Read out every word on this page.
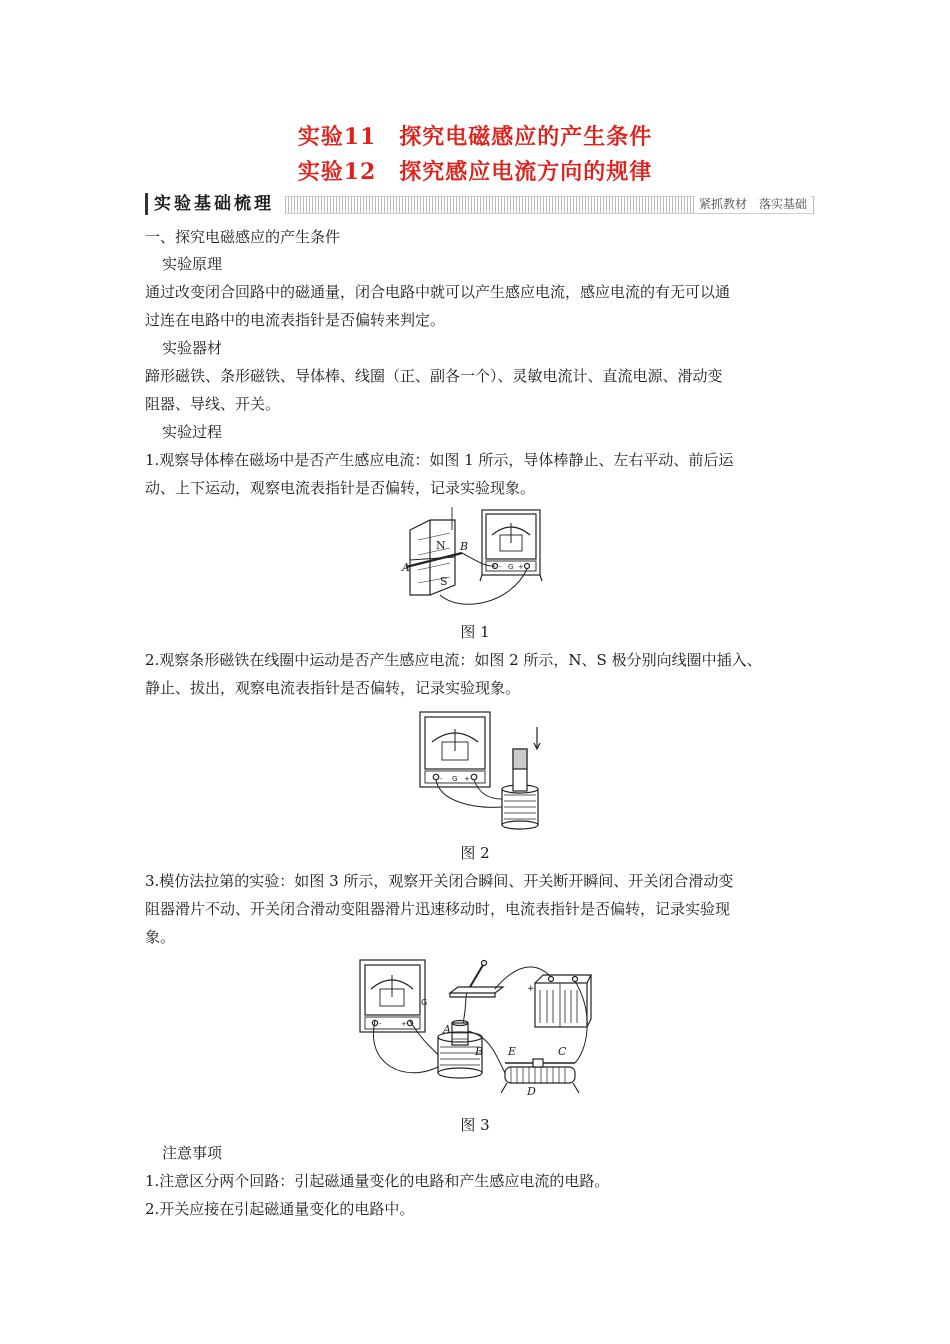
实验11　探究电磁感应的产生条件
实验12　探究感应电流方向的规律
实验基础梳理	紧抓教材　落实基础
一、探究电磁感应的产生条件
实验原理
通过改变闭合回路中的磁通量，闭合电路中就可以产生感应电流，感应电流的有无可以通
过连在电路中的电流表指针是否偏转来判定。
实验器材
蹄形磁铁、条形磁铁、导体棒、线圈（正、副各一个）、灵敏电流计、直流电源、滑动变
阻器、导线、开关。
实验过程
1.观察导体棒在磁场中是否产生感应电流：如图 1 所示，导体棒静止、左右平动、前后运
动、上下运动，观察电流表指针是否偏转，记录实验现象。
N
S
A
B
G
- +
图 1
2.观察条形磁铁在线圈中运动是否产生感应电流：如图 2 所示，N、S 极分别向线圈中插入、
静止、拔出，观察电流表指针是否偏转，记录实验现象。
G
-	+
图 2
3.模仿法拉第的实验：如图 3 所示，观察开关闭合瞬间、开关断开瞬间、开关闭合滑动变
阻器滑片不动、开关闭合滑动变阻器滑片迅速移动时，电流表指针是否偏转，记录实验现
象。
A
B	C
D
E
G
-	+
+
图 3
注意事项
1.注意区分两个回路：引起磁通量变化的电路和产生感应电流的电路。
2.开关应接在引起磁通量变化的电路中。
